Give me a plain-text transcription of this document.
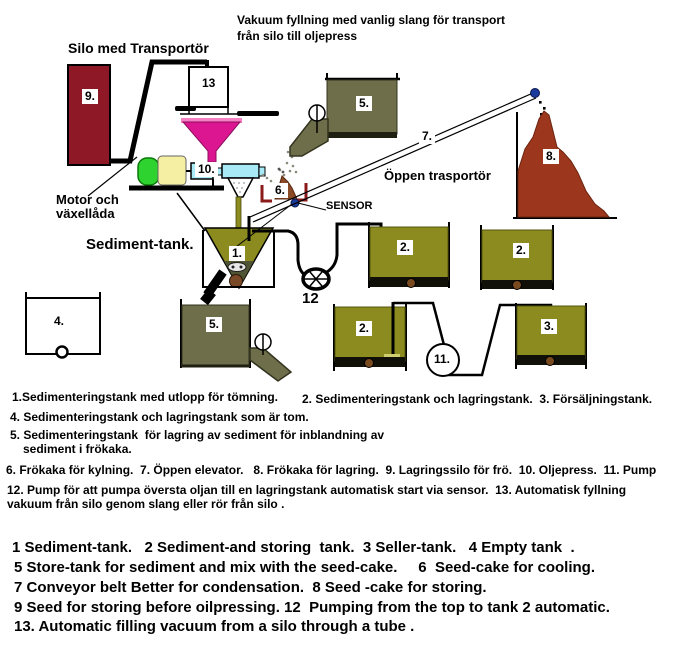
Vakuum fyllning med vanlig slang för transport
från silo till oljepress
Silo med Transportör
Motor och
växellåda
Sediment-tank.
Öppen trasportör
SENSOR
12
9.
13
10.
5.
7.
8.
6.
1.	2.	2.
2.	3.
4.	5.
11.
1.Sedimenteringstank med utlopp för tömning. 2. Sedimenteringstank och lagringstank.  3. Försäljningstank.
4. Sedimenteringstank och lagringstank som är tom.
5. Sedimenteringstank  för lagring av sediment för inblandning av
sediment i frökaka.
6. Frökaka för kylning.  7. Öppen elevator.   8. Frökaka för lagring.  9. Lagringssilo för frö.  10. Oljepress.  11. Pump
12. Pump för att pumpa översta oljan till en lagringstank automatisk start via sensor.  13. Automatisk fyllning
vakuum från silo genom slang eller rör från silo .
1 Sediment-tank.   2 Sediment-and storing  tank.  3 Seller-tank.   4 Empty tank  .
5 Store-tank for sediment and mix with the seed-cake.     6  Seed-cake for cooling.
7 Conveyor belt Better for condensation.  8 Seed -cake for storing.
9 Seed for storing before oilpressing. 12  Pumping from the top to tank 2 automatic.
13. Automatic filling vacuum from a silo through a tube .
